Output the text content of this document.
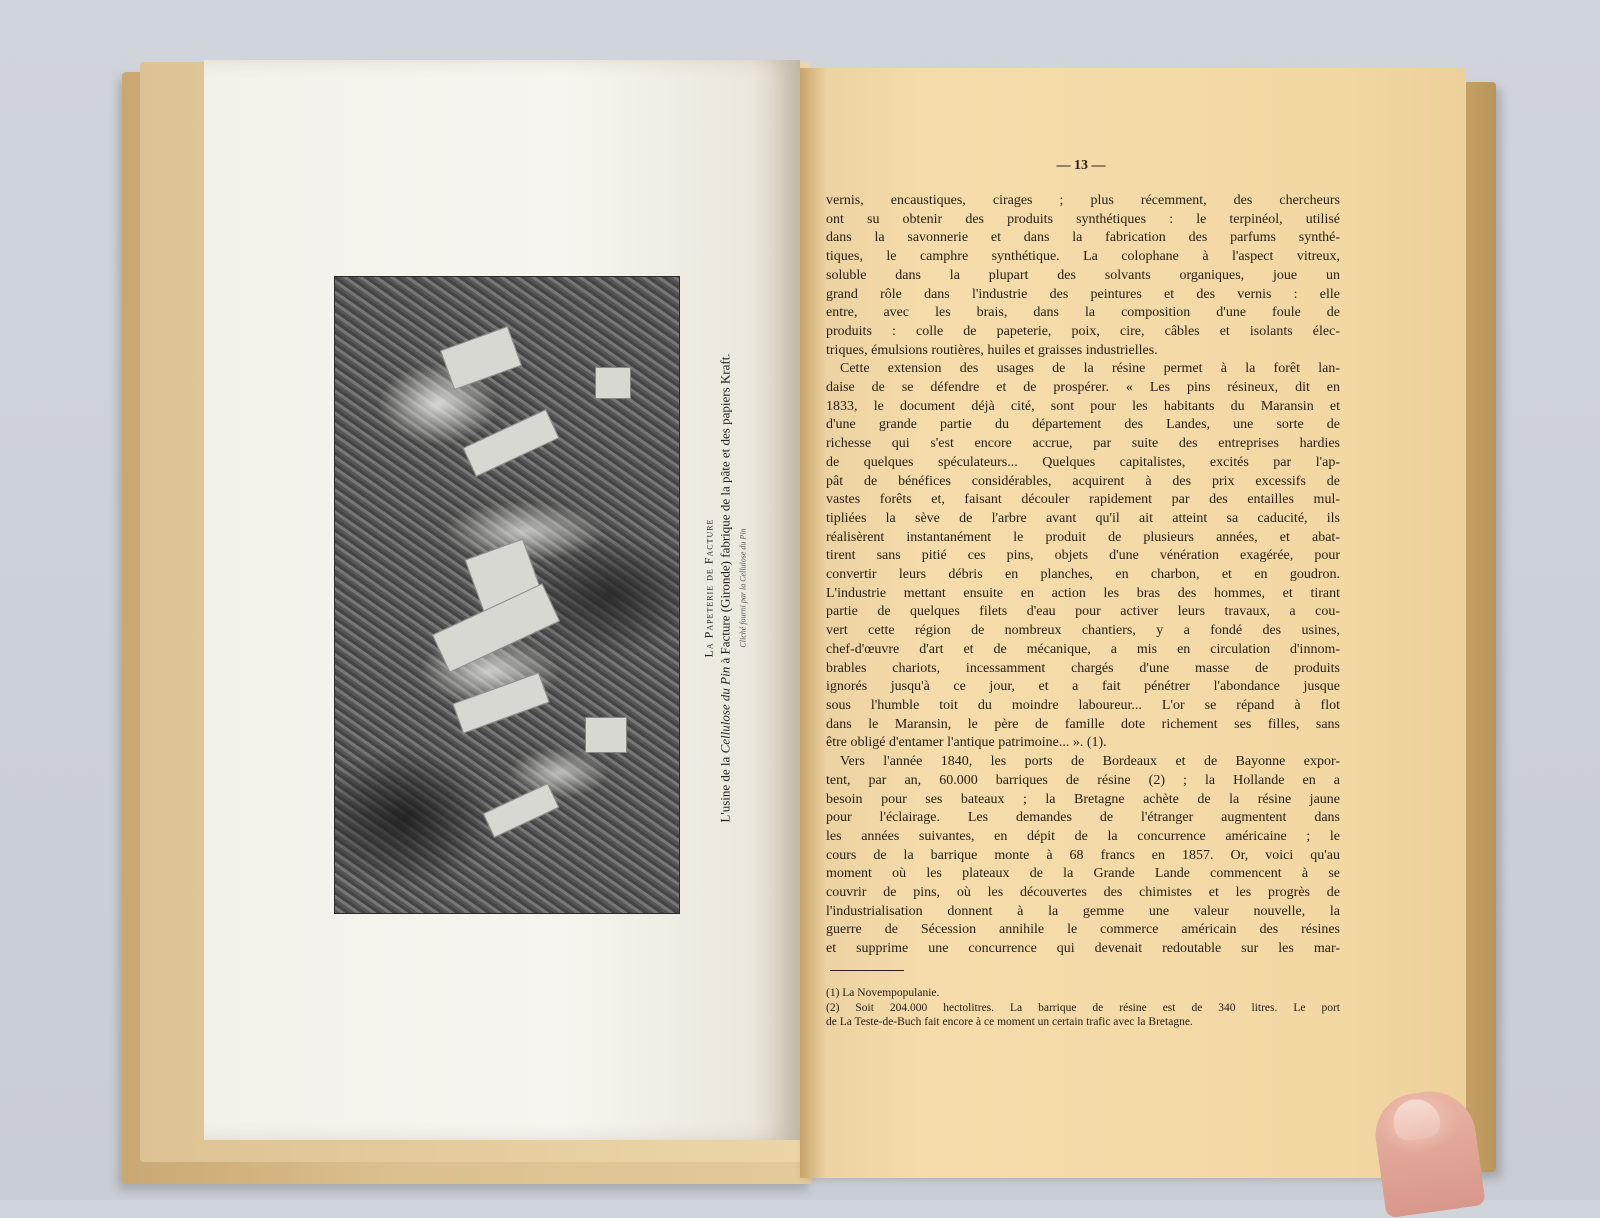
La Papeterie de Facture
L'usine de la Cellulose du Pin à Facture (Gironde) fabrique de la pâte et des papiers Kraft. Cliché fourni par la Cellulose du Pin
— 13 —
vernis, encaustiques, cirages ; plus récemment, des chercheurs
ont su obtenir des produits synthétiques : le terpinéol, utilisé
dans la savonnerie et dans la fabrication des parfums synthé-
tiques, le camphre synthétique. La colophane à l'aspect vitreux,
soluble dans la plupart des solvants organiques, joue un
grand rôle dans l'industrie des peintures et des vernis : elle
entre, avec les brais, dans la composition d'une foule de
produits : colle de papeterie, poix, cire, câbles et isolants élec-
triques, émulsions routières, huiles et graisses industrielles.
Cette extension des usages de la résine permet à la forêt lan-
daise de se défendre et de prospérer. « Les pins résineux, dit en
1833, le document déjà cité, sont pour les habitants du Maransin et
d'une grande partie du département des Landes, une sorte de
richesse qui s'est encore accrue, par suite des entreprises hardies
de quelques spéculateurs... Quelques capitalistes, excités par l'ap-
pât de bénéfices considérables, acquirent à des prix excessifs de
vastes forêts et, faisant découler rapidement par des entailles mul-
tipliées la sève de l'arbre avant qu'il ait atteint sa caducité, ils
réalisèrent instantanément le produit de plusieurs années, et abat-
tirent sans pitié ces pins, objets d'une vénération exagérée, pour
convertir leurs débris en planches, en charbon, et en goudron.
L'industrie mettant ensuite en action les bras des hommes, et tirant
partie de quelques filets d'eau pour activer leurs travaux, a cou-
vert cette région de nombreux chantiers, y a fondé des usines,
chef-d'œuvre d'art et de mécanique, a mis en circulation d'innom-
brables chariots, incessamment chargés d'une masse de produits
ignorés jusqu'à ce jour, et a fait pénétrer l'abondance jusque
sous l'humble toit du moindre laboureur... L'or se répand à flot
dans le Maransin, le père de famille dote richement ses filles, sans
être obligé d'entamer l'antique patrimoine... ». (1).
Vers l'année 1840, les ports de Bordeaux et de Bayonne expor-
tent, par an, 60.000 barriques de résine (2) ; la Hollande en a
besoin pour ses bateaux ; la Bretagne achète de la résine jaune
pour l'éclairage. Les demandes de l'étranger augmentent dans
les années suivantes, en dépit de la concurrence américaine ; le
cours de la barrique monte à 68 francs en 1857. Or, voici qu'au
moment où les plateaux de la Grande Lande commencent à se
couvrir de pins, où les découvertes des chimistes et les progrès de
l'industrialisation donnent à la gemme une valeur nouvelle, la
guerre de Sécession annihile le commerce américain des résines
et supprime une concurrence qui devenait redoutable sur les mar-
(1) La Novempopulanie.
(2) Soit 204.000 hectolitres. La barrique de résine est de 340 litres. Le port
de La Teste-de-Buch fait encore à ce moment un certain trafic avec la Bretagne.
